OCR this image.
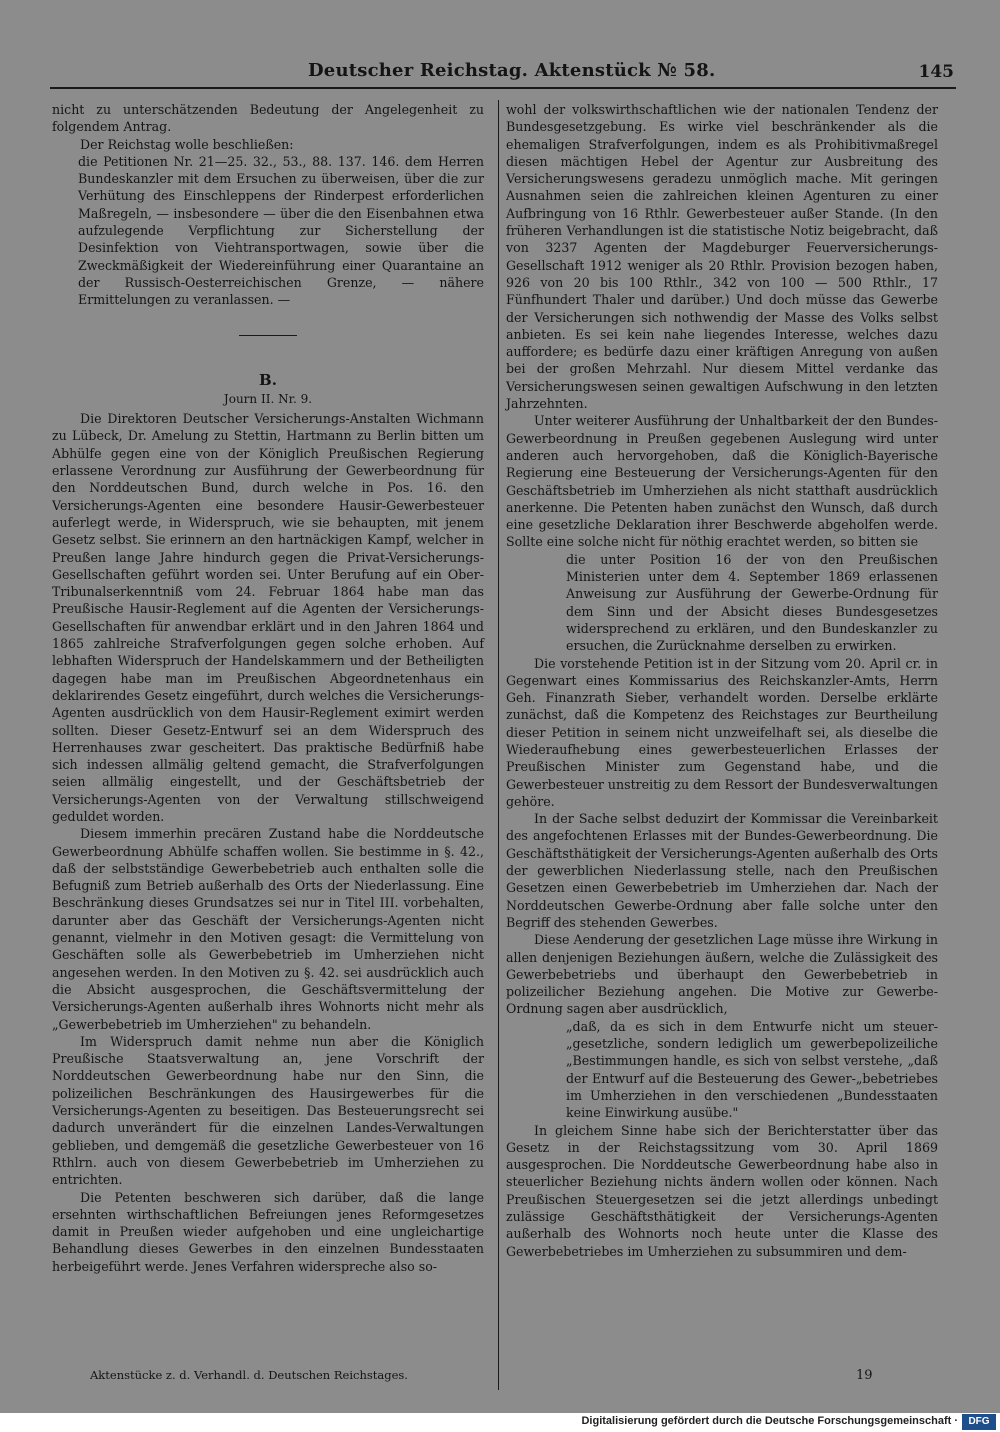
Deutscher Reichstag. Aktenstück № 58.	145

nicht zu unterschätzenden Bedeutung der Angelegenheit zu folgendem Antrag.

Der Reichstag wolle beschließen:

die Petitionen Nr. 21—25. 32., 53., 88. 137. 146. dem Herren Bundeskanzler mit dem Ersuchen zu überweisen, über die zur Verhütung des Einschleppens der Rinderpest erforderlichen Maßregeln, — insbesondere — über die den Eisenbahnen etwa aufzulegende Verpflichtung zur Sicherstellung der Desinfektion von Viehtransportwagen, sowie über die Zweckmäßigkeit der Wiedereinführung einer Quarantaine an der Russisch-Oesterreichischen Grenze, — nähere Ermittelungen zu veranlassen. —

B.

Journ II. Nr. 9.

Die Direktoren Deutscher Versicherungs-Anstalten Wichmann zu Lübeck, Dr. Amelung zu Stettin, Hartmann zu Berlin bitten um Abhülfe gegen eine von der Königlich Preußischen Regierung erlassene Verordnung zur Ausführung der Gewerbeordnung für den Norddeutschen Bund, durch welche in Pos. 16. den Versicherungs-Agenten eine besondere Hausir-Gewerbesteuer auferlegt werde, in Widerspruch, wie sie behaupten, mit jenem Gesetz selbst. Sie erinnern an den hartnäckigen Kampf, welcher in Preußen lange Jahre hindurch gegen die Privat-Versicherungs-Gesellschaften geführt worden sei. Unter Berufung auf ein Ober-Tribunalserkenntniß vom 24. Februar 1864 habe man das Preußische Hausir-Reglement auf die Agenten der Versicherungs-Gesellschaften für anwendbar erklärt und in den Jahren 1864 und 1865 zahlreiche Strafverfolgungen gegen solche erhoben. Auf lebhaften Widerspruch der Handelskammern und der Betheiligten dagegen habe man im Preußischen Abgeordnetenhaus ein deklarirendes Gesetz eingeführt, durch welches die Versicherungs-Agenten ausdrücklich von dem Hausir-Reglement eximirt werden sollten. Dieser Gesetz-Entwurf sei an dem Widerspruch des Herrenhauses zwar gescheitert. Das praktische Bedürfniß habe sich indessen allmälig geltend gemacht, die Strafverfolgungen seien allmälig eingestellt, und der Geschäftsbetrieb der Versicherungs-Agenten von der Verwaltung stillschweigend geduldet worden.

Diesem immerhin precären Zustand habe die Norddeutsche Gewerbeordnung Abhülfe schaffen wollen. Sie bestimme in §. 42., daß der selbstständige Gewerbebetrieb auch enthalten solle die Befugniß zum Betrieb außerhalb des Orts der Niederlassung. Eine Beschränkung dieses Grundsatzes sei nur in Titel III. vorbehalten, darunter aber das Geschäft der Versicherungs-Agenten nicht genannt, vielmehr in den Motiven gesagt: die Vermittelung von Geschäften solle als Gewerbebetrieb im Umherziehen nicht angesehen werden. In den Motiven zu §. 42. sei ausdrücklich auch die Absicht ausgesprochen, die Geschäftsvermittelung der Versicherungs-Agenten außerhalb ihres Wohnorts nicht mehr als „Gewerbebetrieb im Umherziehen" zu behandeln.

Im Widerspruch damit nehme nun aber die Königlich Preußische Staatsverwaltung an, jene Vorschrift der Norddeutschen Gewerbeordnung habe nur den Sinn, die polizeilichen Beschränkungen des Hausirgewerbes für die Versicherungs-Agenten zu beseitigen. Das Besteuerungsrecht sei dadurch unverändert für die einzelnen Landes-Verwaltungen geblieben, und demgemäß die gesetzliche Gewerbesteuer von 16 Rthlrn. auch von diesem Gewerbebetrieb im Umherziehen zu entrichten.

Die Petenten beschweren sich darüber, daß die lange ersehnten wirthschaftlichen Befreiungen jenes Reformgesetzes damit in Preußen wieder aufgehoben und eine ungleichartige Behandlung dieses Gewerbes in den einzelnen Bundesstaaten herbeigeführt werde. Jenes Verfahren widerspreche also so-

wohl der volkswirthschaftlichen wie der nationalen Tendenz der Bundesgesetzgebung. Es wirke viel beschränkender als die ehemaligen Strafverfolgungen, indem es als Prohibitivmaßregel diesen mächtigen Hebel der Agentur zur Ausbreitung des Versicherungswesens geradezu unmöglich mache. Mit geringen Ausnahmen seien die zahlreichen kleinen Agenturen zu einer Aufbringung von 16 Rthlr. Gewerbesteuer außer Stande. (In den früheren Verhandlungen ist die statistische Notiz beigebracht, daß von 3237 Agenten der Magdeburger Feuerversicherungs-Gesellschaft 1912 weniger als 20 Rthlr. Provision bezogen haben, 926 von 20 bis 100 Rthlr., 342 von 100 — 500 Rthlr., 17 Fünfhundert Thaler und darüber.) Und doch müsse das Gewerbe der Versicherungen sich nothwendig der Masse des Volks selbst anbieten. Es sei kein nahe liegendes Interesse, welches dazu auffordere; es bedürfe dazu einer kräftigen Anregung von außen bei der großen Mehrzahl. Nur diesem Mittel verdanke das Versicherungswesen seinen gewaltigen Aufschwung in den letzten Jahrzehnten.

Unter weiterer Ausführung der Unhaltbarkeit der den Bundes-Gewerbeordnung in Preußen gegebenen Auslegung wird unter anderen auch hervorgehoben, daß die Königlich-Bayerische Regierung eine Besteuerung der Versicherungs-Agenten für den Geschäftsbetrieb im Umherziehen als nicht statthaft ausdrücklich anerkenne. Die Petenten haben zunächst den Wunsch, daß durch eine gesetzliche Deklaration ihrer Beschwerde abgeholfen werde. Sollte eine solche nicht für nöthig erachtet werden, so bitten sie

die unter Position 16 der von den Preußischen Ministerien unter dem 4. September 1869 erlassenen Anweisung zur Ausführung der Gewerbe-Ordnung für dem Sinn und der Absicht dieses Bundesgesetzes widersprechend zu erklären, und den Bundeskanzler zu ersuchen, die Zurücknahme derselben zu erwirken.

Die vorstehende Petition ist in der Sitzung vom 20. April cr. in Gegenwart eines Kommissarius des Reichskanzler-Amts, Herrn Geh. Finanzrath Sieber, verhandelt worden. Derselbe erklärte zunächst, daß die Kompetenz des Reichstages zur Beurtheilung dieser Petition in seinem nicht unzweifelhaft sei, als dieselbe die Wiederaufhebung eines gewerbesteuerlichen Erlasses der Preußischen Minister zum Gegenstand habe, und die Gewerbesteuer unstreitig zu dem Ressort der Bundesverwaltungen gehöre.

In der Sache selbst deduzirt der Kommissar die Vereinbarkeit des angefochtenen Erlasses mit der Bundes-Gewerbeordnung. Die Geschäftsthätigkeit der Versicherungs-Agenten außerhalb des Orts der gewerblichen Niederlassung stelle, nach den Preußischen Gesetzen einen Gewerbebetrieb im Umherziehen dar. Nach der Norddeutschen Gewerbe-Ordnung aber falle solche unter den Begriff des stehenden Gewerbes.

Diese Aenderung der gesetzlichen Lage müsse ihre Wirkung in allen denjenigen Beziehungen äußern, welche die Zulässigkeit des Gewerbebetriebs und überhaupt den Gewerbebetrieb in polizeilicher Beziehung angehen. Die Motive zur Gewerbe-Ordnung sagen aber ausdrücklich,

„daß, da es sich in dem Entwurfe nicht um steuer-„gesetzliche, sondern lediglich um gewerbepolizeiliche „Bestimmungen handle, es sich von selbst verstehe, „daß der Entwurf auf die Besteuerung des Gewer-„bebetriebes im Umherziehen in den verschiedenen „Bundesstaaten keine Einwirkung ausübe."

In gleichem Sinne habe sich der Berichterstatter über das Gesetz in der Reichstagssitzung vom 30. April 1869 ausgesprochen. Die Norddeutsche Gewerbeordnung habe also in steuerlicher Beziehung nichts ändern wollen oder können. Nach Preußischen Steuergesetzen sei die jetzt allerdings unbedingt zulässige Geschäftsthätigkeit der Versicherungs-Agenten außerhalb des Wohnorts noch heute unter die Klasse des Gewerbebetriebes im Umherziehen zu subsummiren und dem-

Aktenstücke z. d. Verhandl. d. Deutschen Reichstages.	19
Digitalisierung gefördert durch die Deutsche Forschungsgemeinschaft ·	DFG
